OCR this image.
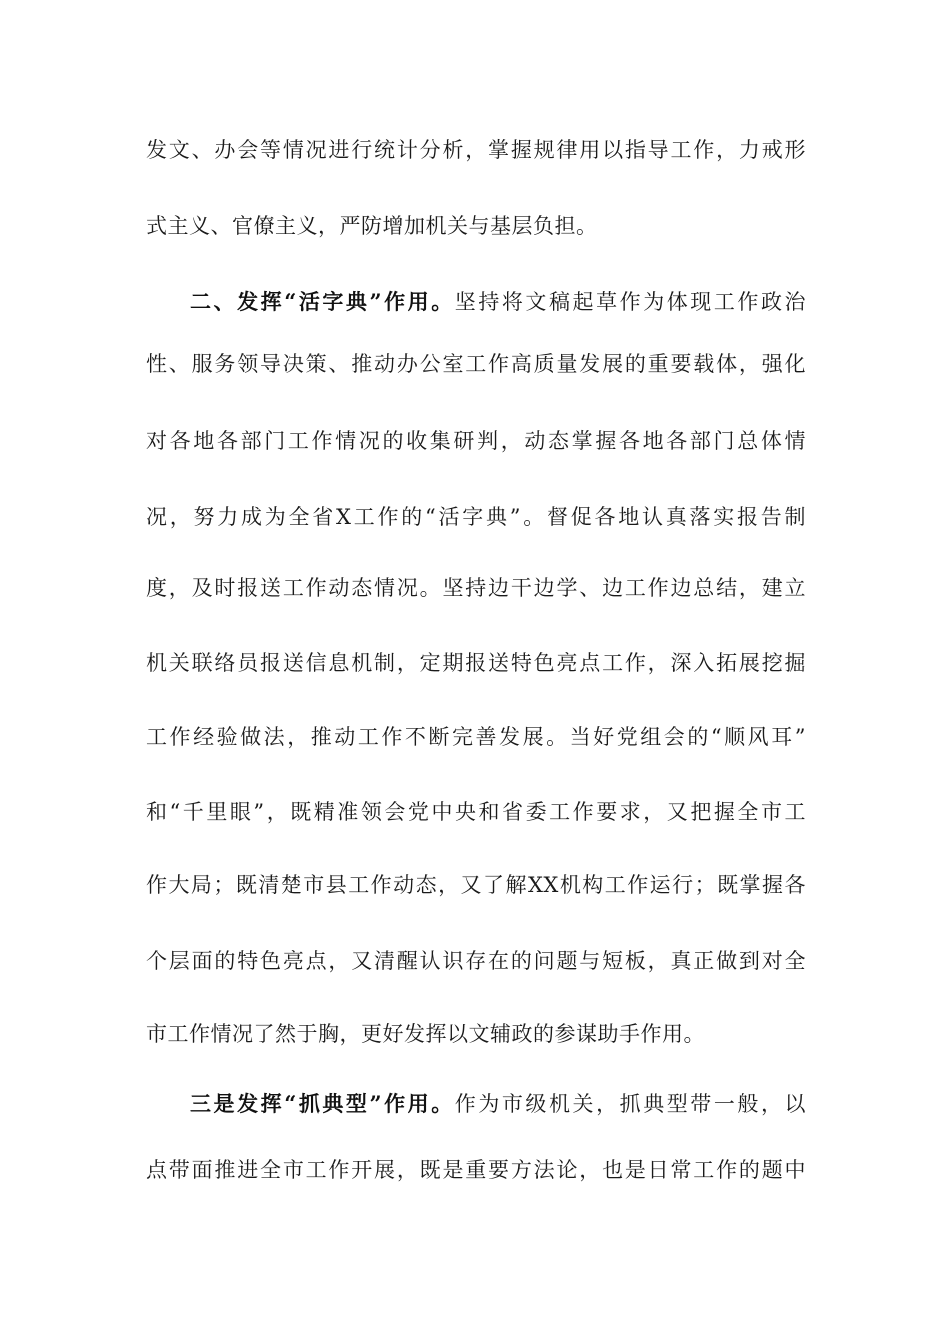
发文、办会等情况进行统计分析，掌握规律用以指导工作，力戒形
式主义、官僚主义，严防增加机关与基层负担。
二、发挥“活字典”作用。坚持将文稿起草作为体现工作政治
性、服务领导决策、推动办公室工作高质量发展的重要载体，强化
对各地各部门工作情况的收集研判，动态掌握各地各部门总体情
况，努力成为全省X工作的“活字典”。督促各地认真落实报告制
度，及时报送工作动态情况。坚持边干边学、边工作边总结，建立
机关联络员报送信息机制，定期报送特色亮点工作，深入拓展挖掘
工作经验做法，推动工作不断完善发展。当好党组会的“顺风耳”
和“千里眼”，既精准领会党中央和省委工作要求，又把握全市工
作大局；既清楚市县工作动态，又了解XX机构工作运行；既掌握各
个层面的特色亮点，又清醒认识存在的问题与短板，真正做到对全
市工作情况了然于胸，更好发挥以文辅政的参谋助手作用。
三是发挥“抓典型”作用。作为市级机关，抓典型带一般，以
点带面推进全市工作开展，既是重要方法论，也是日常工作的题中
